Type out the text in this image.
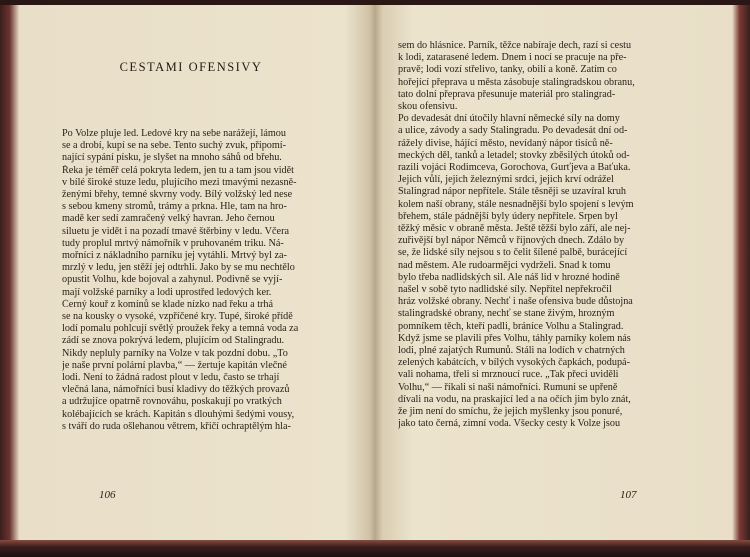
CESTAMI OFENSIVY

Po Volze pluje led. Ledové kry na sebe narážejí, lámou
se a drobí, kupí se na sebe. Tento suchý zvuk, připomí-
nající sypání písku, je slyšet na mnoho sáhů od břehu.
Řeka je téměř celá pokryta ledem, jen tu a tam jsou vidět
v bílé široké stuze ledu, plujícího mezi tmavými nezasně-
ženými břehy, temné skvrny vody. Bílý volžský led nese
s sebou kmeny stromů, trámy a prkna. Hle, tam na hro-
madě ker sedí zamračený velký havran. Jeho černou
siluetu je vidět i na pozadí tmavé štěrbiny v ledu. Včera
tudy proplul mrtvý námořník v pruhovaném triku. Ná-
mořníci z nákladního parníku jej vytáhli. Mrtvý byl za-
mrzlý v ledu, jen stěží jej odtrhli. Jako by se mu nechtělo
opustit Volhu, kde bojoval a zahynul. Podivně se vyjí-
mají volžské parníky a lodi uprostřed ledových ker.
Černý kouř z komínů se klade nízko nad řeku a trhá
se na kousky o vysoké, vzpříčené kry. Tupé, široké přídě
lodí pomalu pohlcují světlý proužek řeky a temná voda za
zádí se znova pokrývá ledem, plujícím od Stalingradu.
Nikdy neplulу parníky na Volze v tak pozdní dobu. „To
je naše první polární plavba,“ — žertuje kapitán vlečné
lodi. Není to žádná radost plout v ledu, často se trhají
vlečná lana, námořníci busí kladivy do těžkých provazů
a udržujíce opatrně rovnováhu, poskakují po vratkých
kolébajících se krách. Kapitán s dlouhými šedými vousy,
s tváří do ruda ošlehanou větrem, křičí ochraptělým hla-

106

sem do hlásnice. Parník, těžce nabíraje dech, razí si cestu
k lodi, zatarasené ledem. Dnem i nocí se pracuje na pře-
pravě; lodi vozí střelivo, tanky, obilí a koně. Zatím co
hořející přeprava u města zásobuje stalingradskou obranu,
tato dolní přeprava přesunuje materiál pro stalingrad-
skou ofensivu.
Po devadesát dní útočily hlavní německé síly na domy
a ulice, závody a sady Stalingradu. Po devadesát dní od-
rážely divise, hájící město, nevídaný nápor tisíců ně-
meckých děl, tanků a letadel; stovky zběsilých útoků od-
razili vojáci Rodimceva, Gorochova, Gurťjeva a Baťuka.
Jejich vůlí, jejich železnými srdci, jejich krví odrážel
Stalingrad nápor nepřítele. Stále těsněji se uzavíral kruh
kolem naší obrany, stále nesnadnější bylo spojení s levým
břehem, stále pádnější byly údery nepřítele. Srpen byl
těžký měsíc v obraně města. Ještě těžší bylo září, ale nej-
zuřivější byl nápor Němců v říjnových dnech. Zdálo by
se, že lidské síly nejsou s to čelit šílené palbě, burácející
nad městem. Ale rudoarmějci vydrželi. Snad k tomu
bylo třeba nadlidských sil. Ale náš lid v hrozné hodině
našel v sobě tyto nadlidské síly. Nepřítel nepřekročil
hráz volžské obrany. Nechť i naše ofensiva bude důstojna
stalingradské obrany, nechť se stane živým, hrozným
pomníkem těch, kteří padli, bráníce Volhu a Stalingrad.
Když jsme se plavili přes Volhu, táhly parníky kolem nás
lodi, plné zajatých Rumunů. Stáli na lodích v chatrných
zelených kabátcích, v bílých vysokých čapkách, podupá-
vali nohama, třeli si mrznoucí ruce. „Tak přeci uviděli
Volhu,“ — říkali si naši námořníci. Rumuni se upřeně
dívali na vodu, na praskající led a na očích jim bylo znát,
že jim není do smíchu, že jejich myšlenky jsou ponuré,
jako tato černá, zimní voda. Všecky cesty k Volze jsou

107
